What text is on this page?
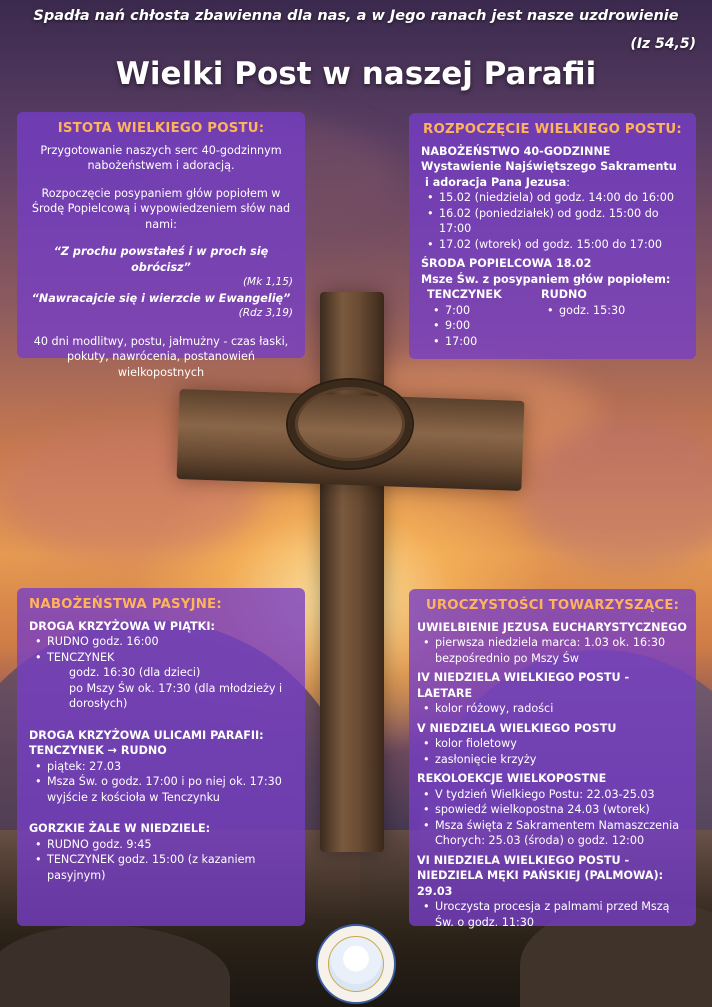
Spadła nań chłosta zbawienna dla nas, a w Jego ranach jest nasze uzdrowienie
(Iz 54,5)
Wielki Post w naszej Parafii
ISTOTA WIELKIEGO POSTU:

Przygotowanie naszych serc 40-godzinnym nabożeństwem i adoracją.

Rozpoczęcie posypaniem głów popiołem w Środę Popielcową i wypowiedzeniem słów nad nami:

“Z prochu powstałeś i w proch się obrócisz”

(Mk 1,15)

“Nawracajcie się i wierzcie w Ewangelię”

(Rdz 3,19)

40 dni modlitwy, postu, jałmużny - czas łaski, pokuty, nawrócenia, postanowień wielkopostnych

ROZPOCZĘCIE WIELKIEGO POSTU:

NABOŻEŃSTWO 40-GODZINNE

Wystawienie Najświętszego Sakramentu

i adoracja Pana Jezusa:

• 15.02 (niedziela) od godz. 14:00 do 16:00
• 16.02 (poniedziałek) od godz. 15:00 do 17:00
• 17.02 (wtorek) od godz. 15:00 do 17:00

ŚRODA POPIELCOWA 18.02

Msze Św. z posypaniem głów popiołem:

TENCZYNEK

• 7:00
• 9:00
• 17:00

RUDNO

• godz. 15:30
NABOŻEŃSTWA PASYJNE:

DROGA KRZYŻOWA W PIĄTKI:

• RUDNO godz. 16:00
• TENCZYNEK

godz. 16:30 (dla dzieci)

po Mszy Św ok. 17:30 (dla młodzieży i dorosłych)

DROGA KRZYŻOWA ULICAMI PARAFII:

TENCZYNEK → RUDNO

• piątek: 27.03
• Msza Św. o godz. 17:00 i po niej ok. 17:30 wyjście z kościoła w Tenczynku

GORZKIE ŻALE W NIEDZIELE:

• RUDNO godz. 9:45
• TENCZYNEK godz. 15:00 (z kazaniem pasyjnym)
UROCZYSTOŚCI TOWARZYSZĄCE:

UWIELBIENIE JEZUSA EUCHARYSTYCZNEGO

• pierwsza niedziela marca: 1.03 ok. 16:30 bezpośrednio po Mszy Św

IV NIEDZIELA WIELKIEGO POSTU - LAETARE

• kolor różowy, radości

V NIEDZIELA WIELKIEGO POSTU

• kolor fioletowy
• zasłonięcie krzyży

REKOLOEKCJE WIELKOPOSTNE

• V tydzień Wielkiego Postu: 22.03-25.03
• spowiedź wielkopostna 24.03 (wtorek)
• Msza święta z Sakramentem Namaszczenia Chorych: 25.03 (środa) o godz. 12:00

VI NIEDZIELA WIELKIEGO POSTU - NIEDZIELA MĘKI PAŃSKIEJ (PALMOWA): 29.03

• Uroczysta procesja z palmami przed Mszą Św. o godz. 11:30
